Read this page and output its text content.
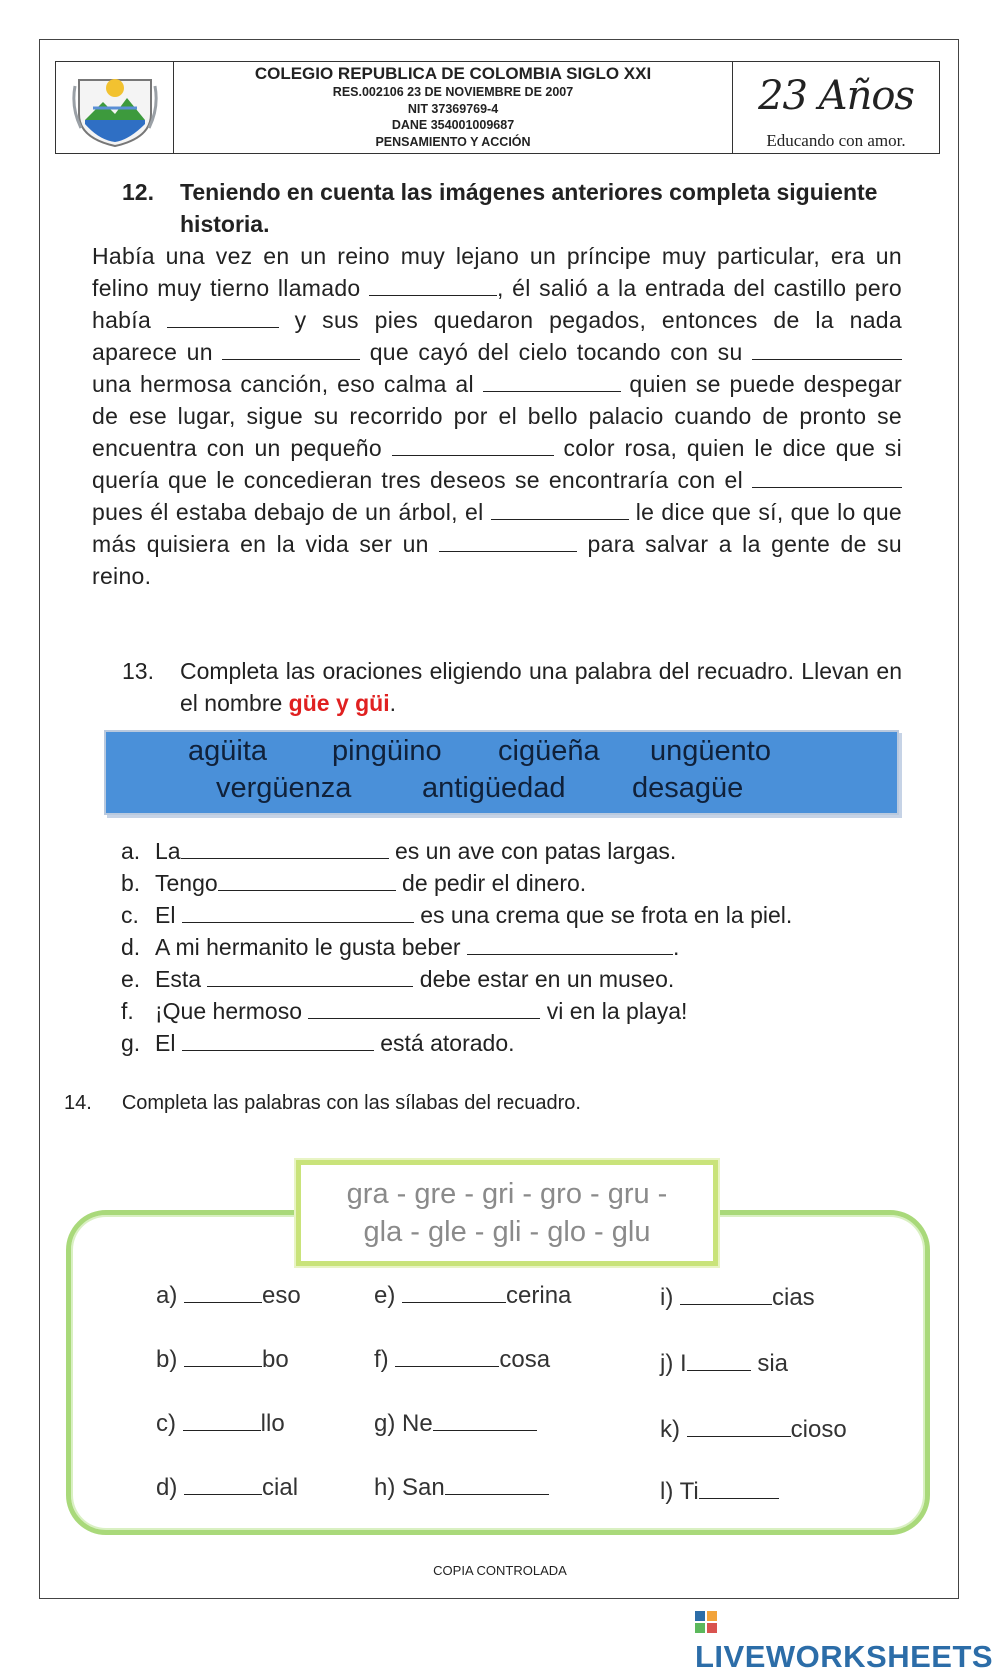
COLEGIO REPUBLICA DE COLOMBIA SIGLO XXI
RES.002106 23 DE NOVIEMBRE DE 2007
NIT 37369769-4
DANE 354001009687
PENSAMIENTO Y ACCIÓN
23 Años
Educando con amor.
12. Teniendo en cuenta las imágenes anteriores completa siguiente historia.
Había una vez en un reino muy lejano un príncipe muy particular, era un felino muy tierno llamado	, él salió a la entrada del castillo pero había	y sus pies quedaron pegados, entonces de la nada aparece un	que cayó del cielo tocando con su  una hermosa canción, eso calma al	quien se puede despegar de ese lugar, sigue su recorrido por el bello palacio cuando de pronto se encuentra con un pequeño	color rosa, quien le dice que si quería que le concedieran tres deseos se encontraría con el  pues él estaba debajo de un árbol, el	le dice que sí, que lo que más quisiera en la vida ser un	para salvar a la gente de su reino.
13. Completa las oraciones eligiendo una palabra del recuadro. Llevan en el nombre güe y güi.
agüita pingüino cigüeña ungüento
vergüenza antigüedad desagüe
a. La	es un ave con patas largas.
b. Tengo	de pedir el dinero.
c. El	es una crema que se frota en la piel.
d. A mi hermanito le gusta beber	.
e. Esta	debe estar en un museo.
f. ¡Que hermoso	vi en la playa!
g. El	está atorado.
14. Completa las palabras con las sílabas del recuadro.
gra - gre - gri - gro - gru -
gla - gle - gli - glo - glu
a)	eso
b)	bo
c)	llo
d)	cial
e)	cerina
f)	cosa
g) Ne
h) San
i)	cias
j) I	sia
k)	cioso
l) Ti
COPIA CONTROLADA
LIVEWORKSHEETS
